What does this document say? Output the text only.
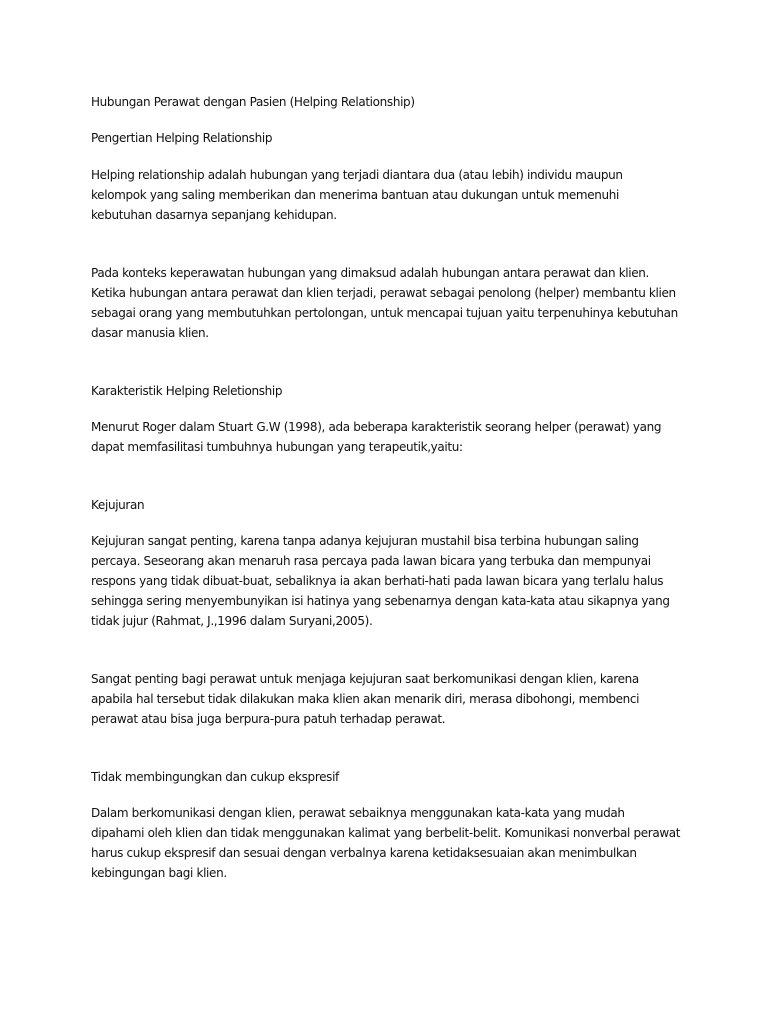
Hubungan Perawat dengan Pasien (Helping Relationship)

Pengertian Helping Relationship

Helping relationship adalah hubungan yang terjadi diantara dua (atau lebih) individu maupun kelompok yang saling memberikan dan menerima bantuan atau dukungan untuk memenuhi kebutuhan dasarnya sepanjang kehidupan.

Pada konteks keperawatan hubungan yang dimaksud adalah hubungan antara perawat dan klien. Ketika hubungan antara perawat dan klien terjadi, perawat sebagai penolong (helper) membantu klien sebagai orang yang membutuhkan pertolongan, untuk mencapai tujuan yaitu terpenuhinya kebutuhan dasar manusia klien.

Karakteristik Helping Reletionship

Menurut Roger dalam Stuart G.W (1998), ada beberapa karakteristik seorang helper (perawat) yang dapat memfasilitasi tumbuhnya hubungan yang terapeutik,yaitu:

Kejujuran

Kejujuran sangat penting, karena tanpa adanya kejujuran mustahil bisa terbina hubungan saling percaya. Seseorang akan menaruh rasa percaya pada lawan bicara yang terbuka dan mempunyai respons yang tidak dibuat-buat, sebaliknya ia akan berhati-hati pada lawan bicara yang terlalu halus sehingga sering menyembunyikan isi hatinya yang sebenarnya dengan kata-kata atau sikapnya yang tidak jujur (Rahmat, J.,1996 dalam Suryani,2005).

Sangat penting bagi perawat untuk menjaga kejujuran saat berkomunikasi dengan klien, karena apabila hal tersebut tidak dilakukan maka klien akan menarik diri, merasa dibohongi, membenci perawat atau bisa juga berpura-pura patuh terhadap perawat.

Tidak membingungkan dan cukup ekspresif

Dalam berkomunikasi dengan klien, perawat sebaiknya menggunakan kata-kata yang mudah dipahami oleh klien dan tidak menggunakan kalimat yang berbelit-belit. Komunikasi nonverbal perawat harus cukup ekspresif dan sesuai dengan verbalnya karena ketidaksesuaian akan menimbulkan kebingungan bagi klien.
